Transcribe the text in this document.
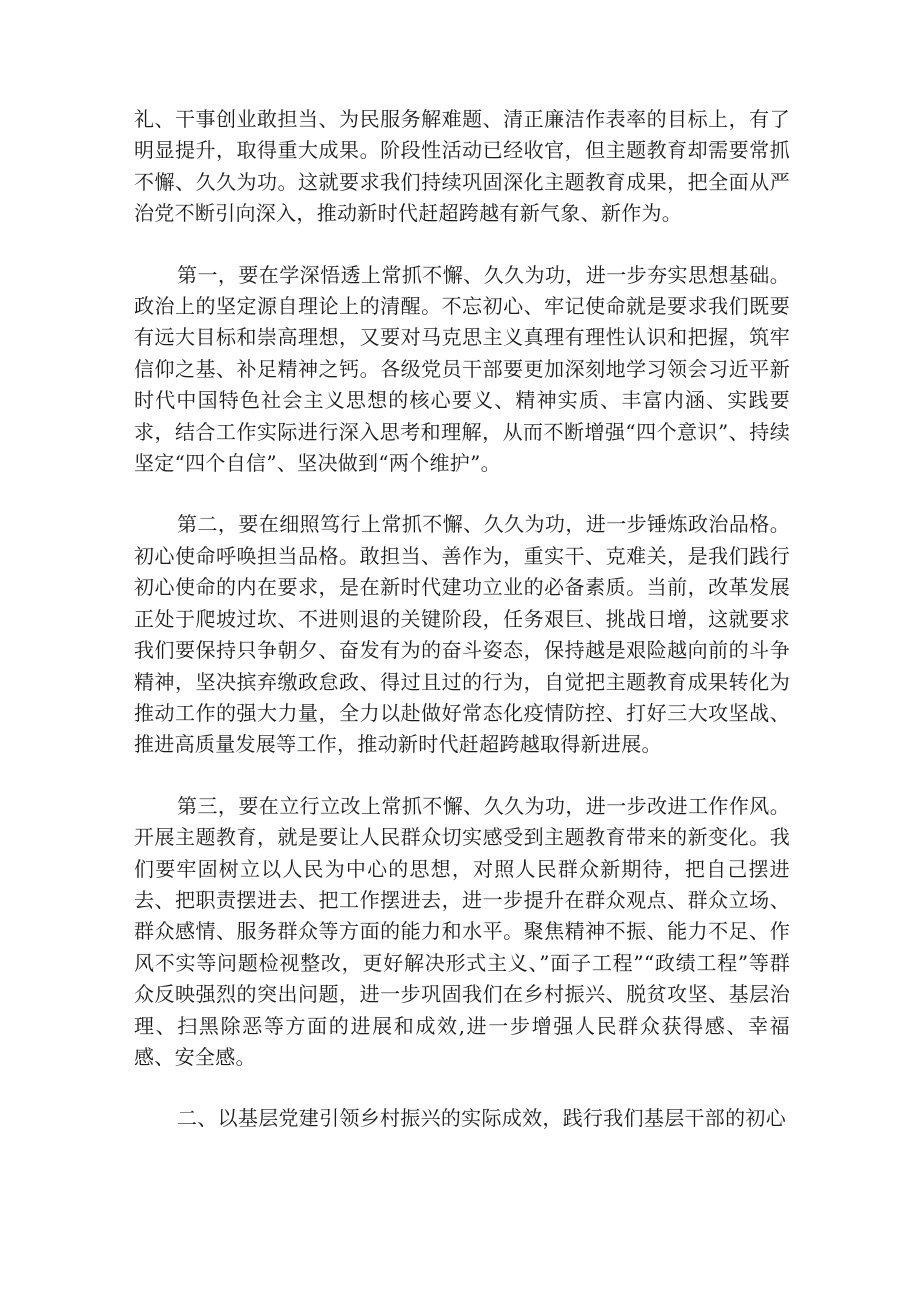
礼、干事创业敢担当、为民服务解难题、清正廉洁作表率的目标上，有了明显提升，取得重大成果。阶段性活动已经收官，但主题教育却需要常抓不懈、久久为功。这就要求我们持续巩固深化主题教育成果，把全面从严治党不断引向深入，推动新时代赶超跨越有新气象、新作为。

第一，要在学深悟透上常抓不懈、久久为功，进一步夯实思想基础。政治上的坚定源自理论上的清醒。不忘初心、牢记使命就是要求我们既要有远大目标和崇高理想，又要对马克思主义真理有理性认识和把握，筑牢信仰之基、补足精神之钙。各级党员干部要更加深刻地学习领会习近平新时代中国特色社会主义思想的核心要义、精神实质、丰富内涵、实践要求，结合工作实际进行深入思考和理解，从而不断增强“四个意识”、持续坚定“四个自信”、坚决做到“两个维护”。

第二，要在细照笃行上常抓不懈、久久为功，进一步锤炼政治品格。初心使命呼唤担当品格。敢担当、善作为，重实干、克难关，是我们践行初心使命的内在要求，是在新时代建功立业的必备素质。当前，改革发展正处于爬坡过坎、不进则退的关键阶段，任务艰巨、挑战日增，这就要求我们要保持只争朝夕、奋发有为的奋斗姿态，保持越是艰险越向前的斗争精神，坚决摈弃缴政怠政、得过且过的行为，自觉把主题教育成果转化为推动工作的强大力量，全力以赴做好常态化疫情防控、打好三大攻坚战、推进高质量发展等工作，推动新时代赶超跨越取得新进展。

第三，要在立行立改上常抓不懈、久久为功，进一步改进工作作风。开展主题教育，就是要让人民群众切实感受到主题教育带来的新变化。我们要牢固树立以人民为中心的思想，对照人民群众新期待，把自己摆进去、把职责摆进去、把工作摆进去，进一步提升在群众观点、群众立场、群众感情、服务群众等方面的能力和水平。聚焦精神不振、能力不足、作风不实等问题检视整改，更好解决形式主义、”面子工程”“政绩工程”等群众反映强烈的突出问题，进一步巩固我们在乡村振兴、脱贫攻坚、基层治理、扫黑除恶等方面的进展和成效,进一步增强人民群众获得感、幸福感、安全感。

二、以基层党建引领乡村振兴的实际成效，践行我们基层干部的初心
